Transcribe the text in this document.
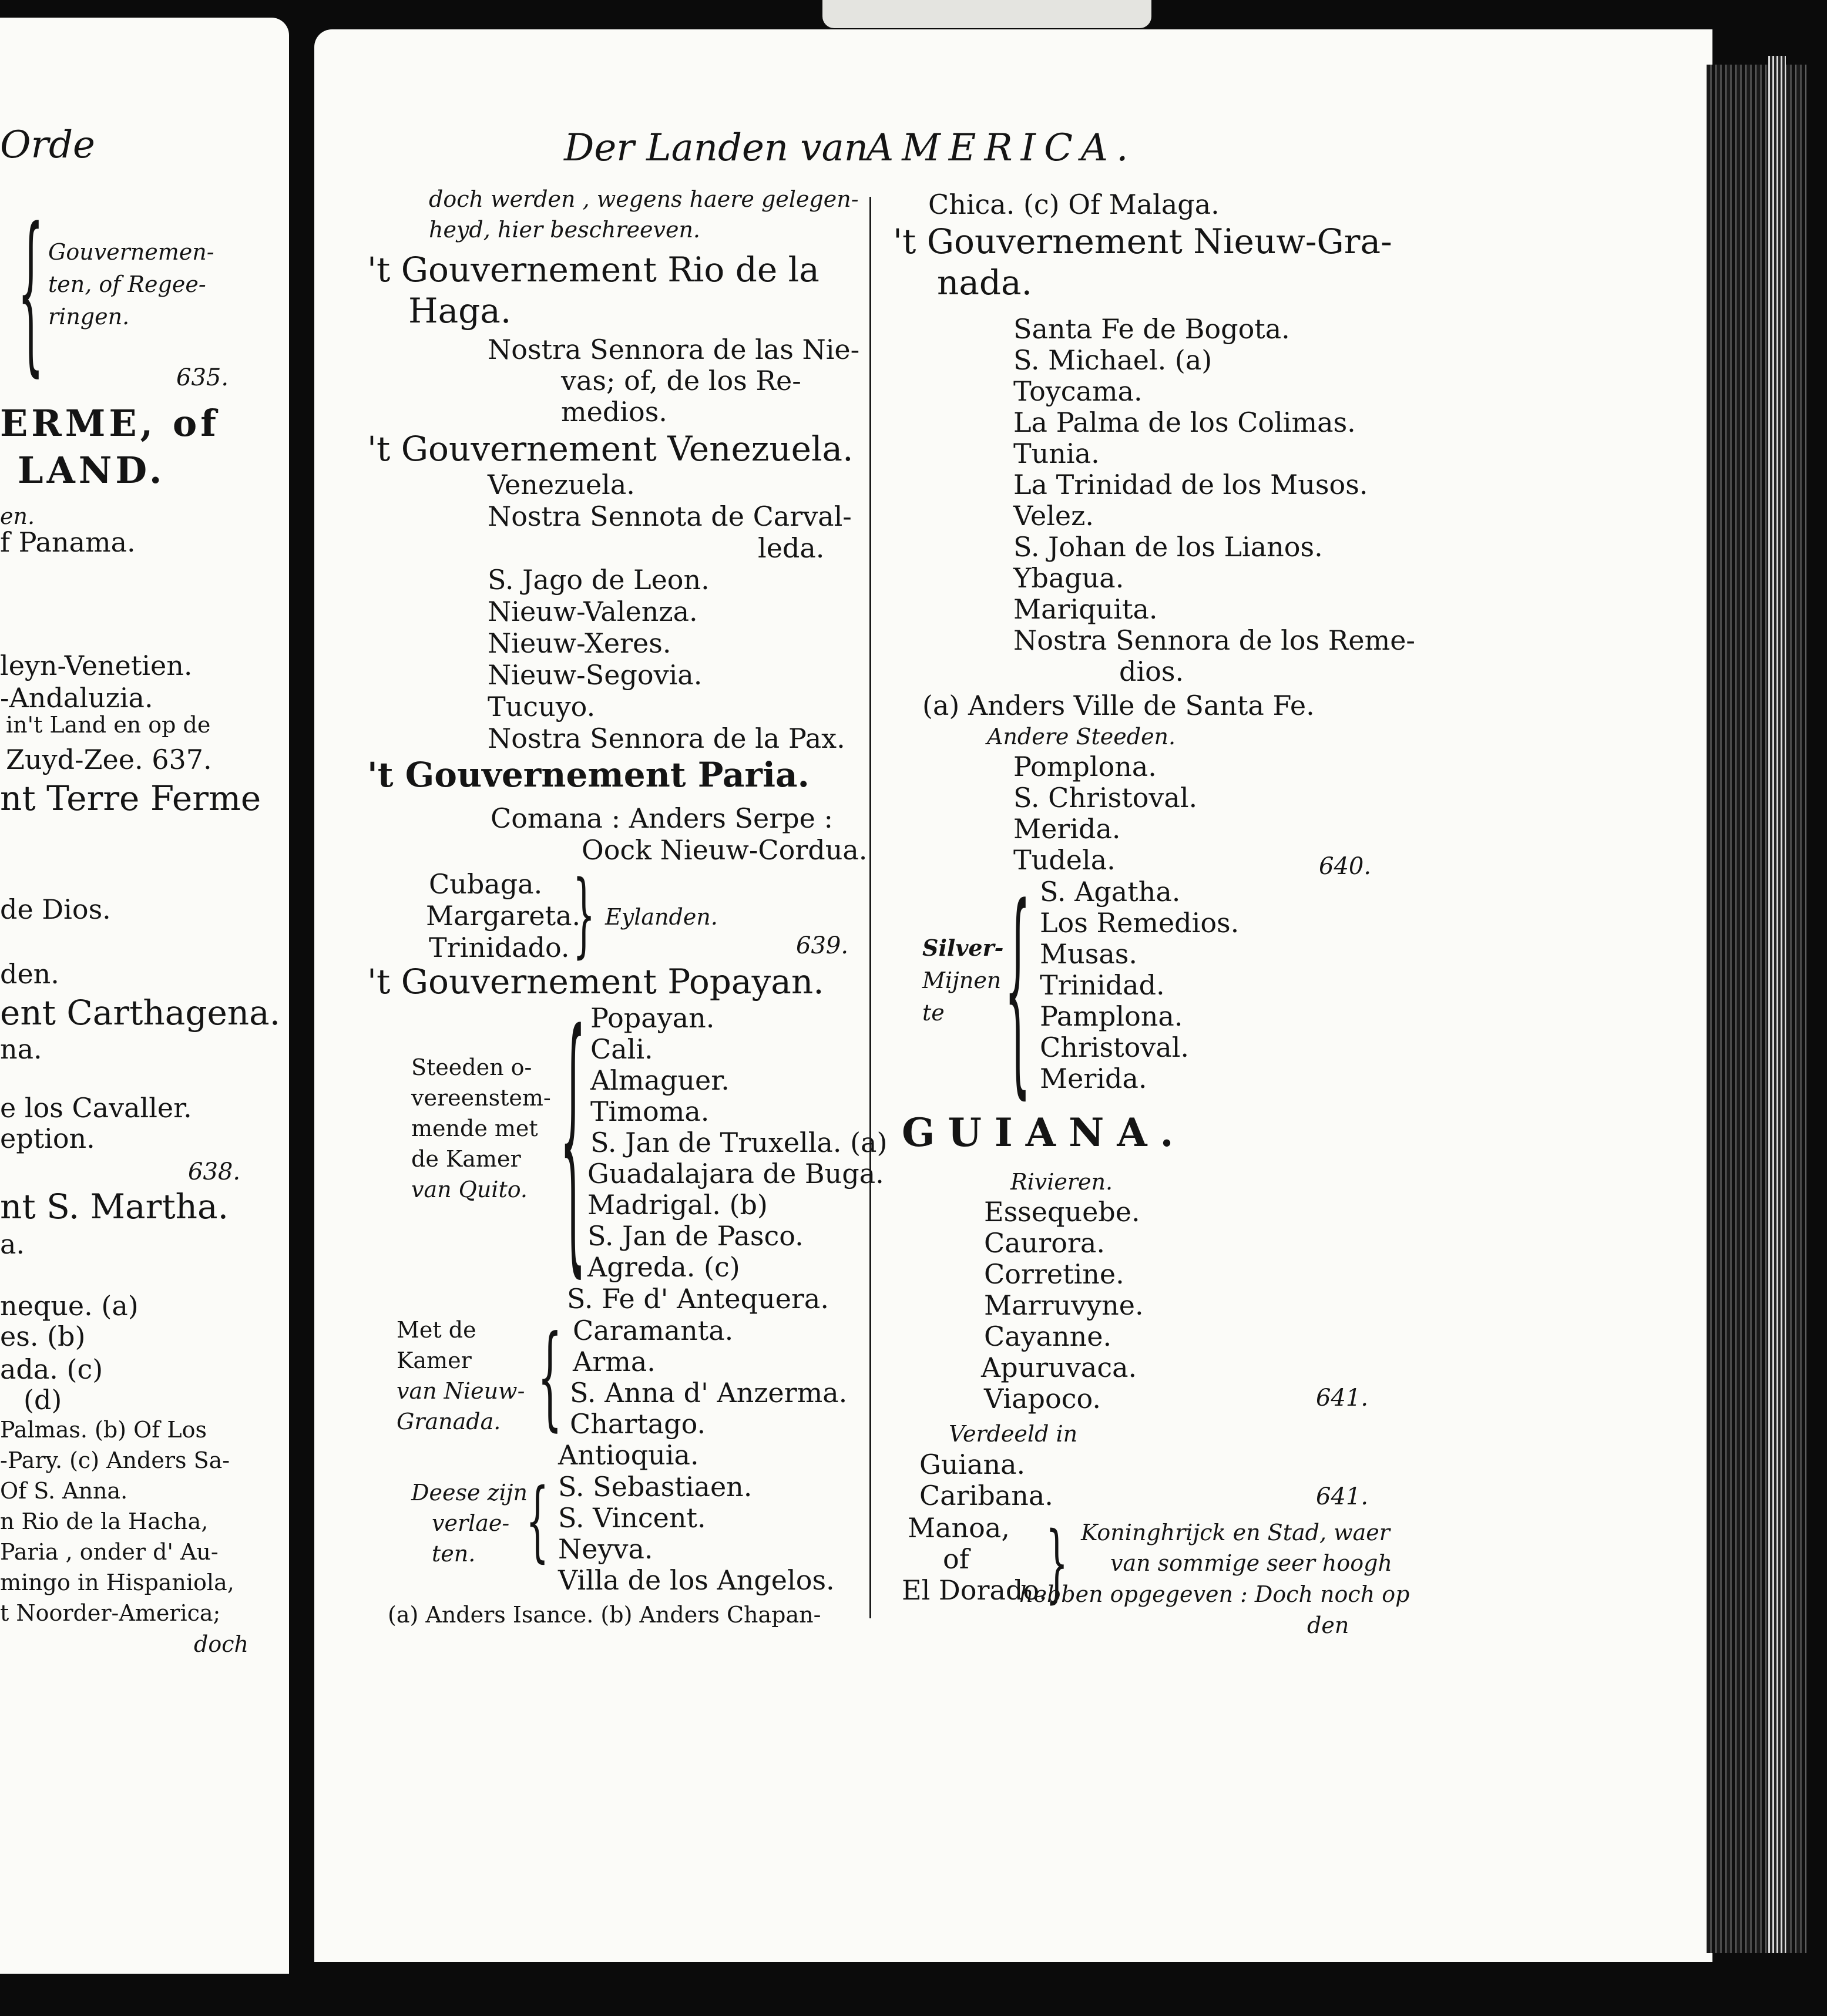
Orde
{ Gouvernemen-
ten, of Regee-
ringen.
635.
ERME, of
LAND.
en.
f Panama.
leyn-Venetien.
-Andaluzia.
in't Land en op de
Zuyd-Zee. 637.
nt Terre Ferme
de Dios.
den.
ent Carthagena.
na.
e los Cavaller.
eption.
638.
nt S. Martha.
a.
neque. (a)
es. (b)
ada. (c)
(d)
Palmas. (b) Of Los
-Pary. (c) Anders Sa-
Of S. Anna.
n Rio de la Hacha,
Paria , onder d' Au-
mingo in Hispaniola,
t Noorder-America;
doch
Der Landen van
AMERICA.
doch werden , wegens haere gelegen-
heyd, hier beschreeven.
't Gouvernement Rio de la
Haga.
Nostra Sennora de las Nie-
vas; of, de los Re-
medios.
't Gouvernement Venezuela.
Venezuela.
Nostra Sennota de Carval-
leda.
S. Jago de Leon.
Nieuw-Valenza.
Nieuw-Xeres.
Nieuw-Segovia.
Tucuyo.
Nostra Sennora de la Pax.
't Gouvernement Paria.
Comana : Anders Serpe :
Oock Nieuw-Cordua.
Cubaga.
Margareta.
Trinidado. } Eylanden.
639.
't Gouvernement Popayan.
Steeden o-
vereenstem-
mende met
de Kamer
van Quito. { Popayan.
Cali.
Almaguer.
Timoma.
S. Jan de Truxella. (a)
Guadalajara de Buga.
Madrigal. (b)
S. Jan de Pasco.
Agreda. (c)
S. Fe d' Antequera.
Met de
Kamer
van Nieuw-
Granada. { Caramanta.
Arma.
S. Anna d' Anzerma.
Chartago.
Antioquia.
Deese zijn
verlae-
ten. { S. Sebastiaen.
S. Vincent.
Neyva.
Villa de los Angelos.
(a) Anders Isance. (b) Anders Chapan-
Chica. (c) Of Malaga.
't Gouvernement Nieuw-Gra-
nada.
Santa Fe de Bogota.
S. Michael. (a)
Toycama.
La Palma de los Colimas.
Tunia.
La Trinidad de los Musos.
Velez.
S. Johan de los Lianos.
Ybagua.
Mariquita.
Nostra Sennora de los Reme-
dios.
(a) Anders Ville de Santa Fe.
Andere Steeden.
Pomplona.
S. Christoval.
Merida.
Tudela.	640.
Silver-
Mijnen
te { S. Agatha.
Los Remedios.
Musas.
Trinidad.
Pamplona.
Christoval.
Merida.
GUIANA.
Rivieren.
Essequebe.
Caurora.
Corretine.
Marruvyne.
Cayanne.
Apuruvaca.
Viapoco.	641.
Verdeeld in
Guiana.
Caribana.	641.
Manoa,
of
El Dorado.
} Koninghrijck en Stad, waer
van sommige seer hoogh
hebben opgegeven : Doch noch op
den
